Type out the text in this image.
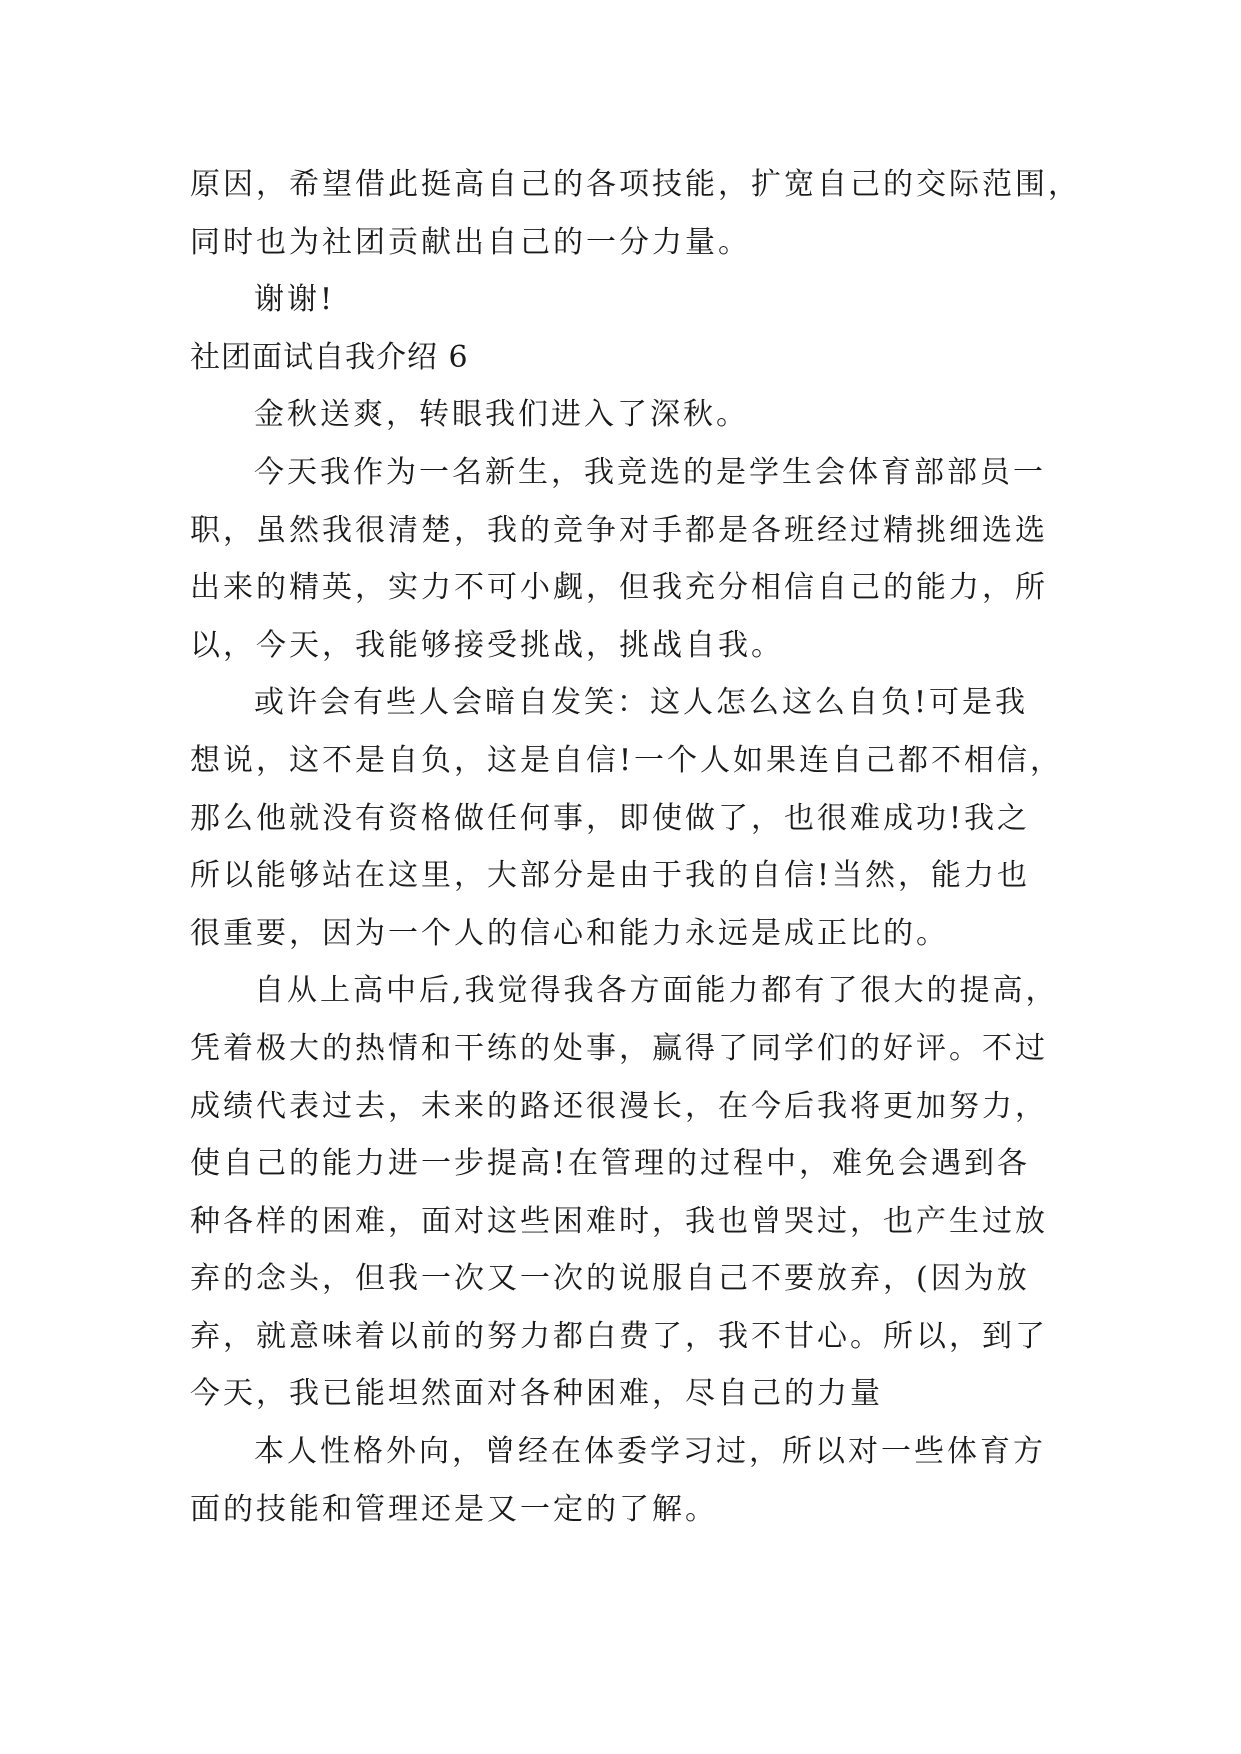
原因，希望借此挺高自己的各项技能，扩宽自己的交际范围，

同时也为社团贡献出自己的一分力量。

谢谢!

社团面试自我介绍 6

金秋送爽，转眼我们进入了深秋。

今天我作为一名新生，我竞选的是学生会体育部部员一

职，虽然我很清楚，我的竞争对手都是各班经过精挑细选选

出来的精英，实力不可小觑，但我充分相信自己的能力，所

以，今天，我能够接受挑战，挑战自我。

或许会有些人会暗自发笑：这人怎么这么自负!可是我

想说，这不是自负，这是自信!一个人如果连自己都不相信，

那么他就没有资格做任何事，即使做了，也很难成功!我之

所以能够站在这里，大部分是由于我的自信!当然，能力也

很重要，因为一个人的信心和能力永远是成正比的。

自从上高中后,我觉得我各方面能力都有了很大的提高，

凭着极大的热情和干练的处事，赢得了同学们的好评。不过

成绩代表过去，未来的路还很漫长，在今后我将更加努力，

使自己的能力进一步提高!在管理的过程中，难免会遇到各

种各样的困难，面对这些困难时，我也曾哭过，也产生过放

弃的念头，但我一次又一次的说服自己不要放弃，(因为放

弃，就意味着以前的努力都白费了，我不甘心。所以，到了

今天，我已能坦然面对各种困难，尽自己的力量

本人性格外向，曾经在体委学习过，所以对一些体育方

面的技能和管理还是又一定的了解。
